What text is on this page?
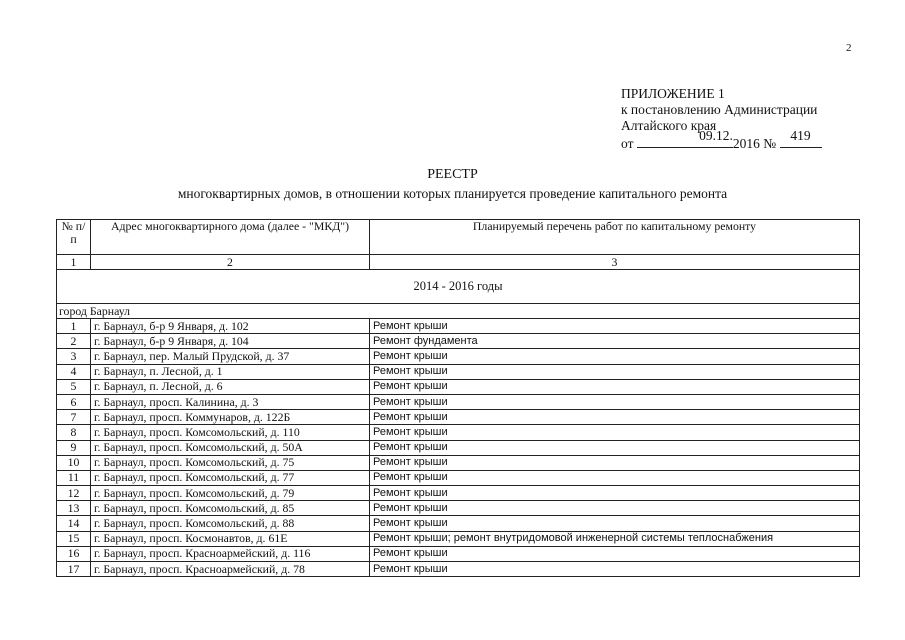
2
ПРИЛОЖЕНИЕ 1
к постановлению Администрации
Алтайского края
от
09.12.
2016 №
419
РЕЕСТР
многоквартирных домов, в отношении которых планируется проведение капитального ремонта
№ п/п	Адрес многоквартирного дома (далее - "МКД")	Планируемый перечень работ по капитальному ремонту
1	2	3
2014 - 2016 годы		
город Барнаул		
1	г. Барнаул, б-р 9 Января, д. 102	Ремонт крыши
2	г. Барнаул, б-р 9 Января, д. 104	Ремонт фундамента
3	г. Барнаул, пер. Малый Прудской, д. 37	Ремонт крыши
4	г. Барнаул, п. Лесной, д. 1	Ремонт крыши
5	г. Барнаул, п. Лесной, д. 6	Ремонт крыши
6	г. Барнаул, просп. Калинина, д. 3	Ремонт крыши
7	г. Барнаул, просп. Коммунаров, д. 122Б	Ремонт крыши
8	г. Барнаул, просп. Комсомольский, д. 110	Ремонт крыши
9	г. Барнаул, просп. Комсомольский, д. 50А	Ремонт крыши
10	г. Барнаул, просп. Комсомольский, д. 75	Ремонт крыши
11	г. Барнаул, просп. Комсомольский, д. 77	Ремонт крыши
12	г. Барнаул, просп. Комсомольский, д. 79	Ремонт крыши
13	г. Барнаул, просп. Комсомольский, д. 85	Ремонт крыши
14	г. Барнаул, просп. Комсомольский, д. 88	Ремонт крыши
15	г. Барнаул, просп. Космонавтов, д. 61Е	Ремонт крыши; ремонт внутридомовой инженерной системы теплоснабжения
16	г. Барнаул, просп. Красноармейский, д. 116	Ремонт крыши
17	г. Барнаул, просп. Красноармейский, д. 78	Ремонт крыши
